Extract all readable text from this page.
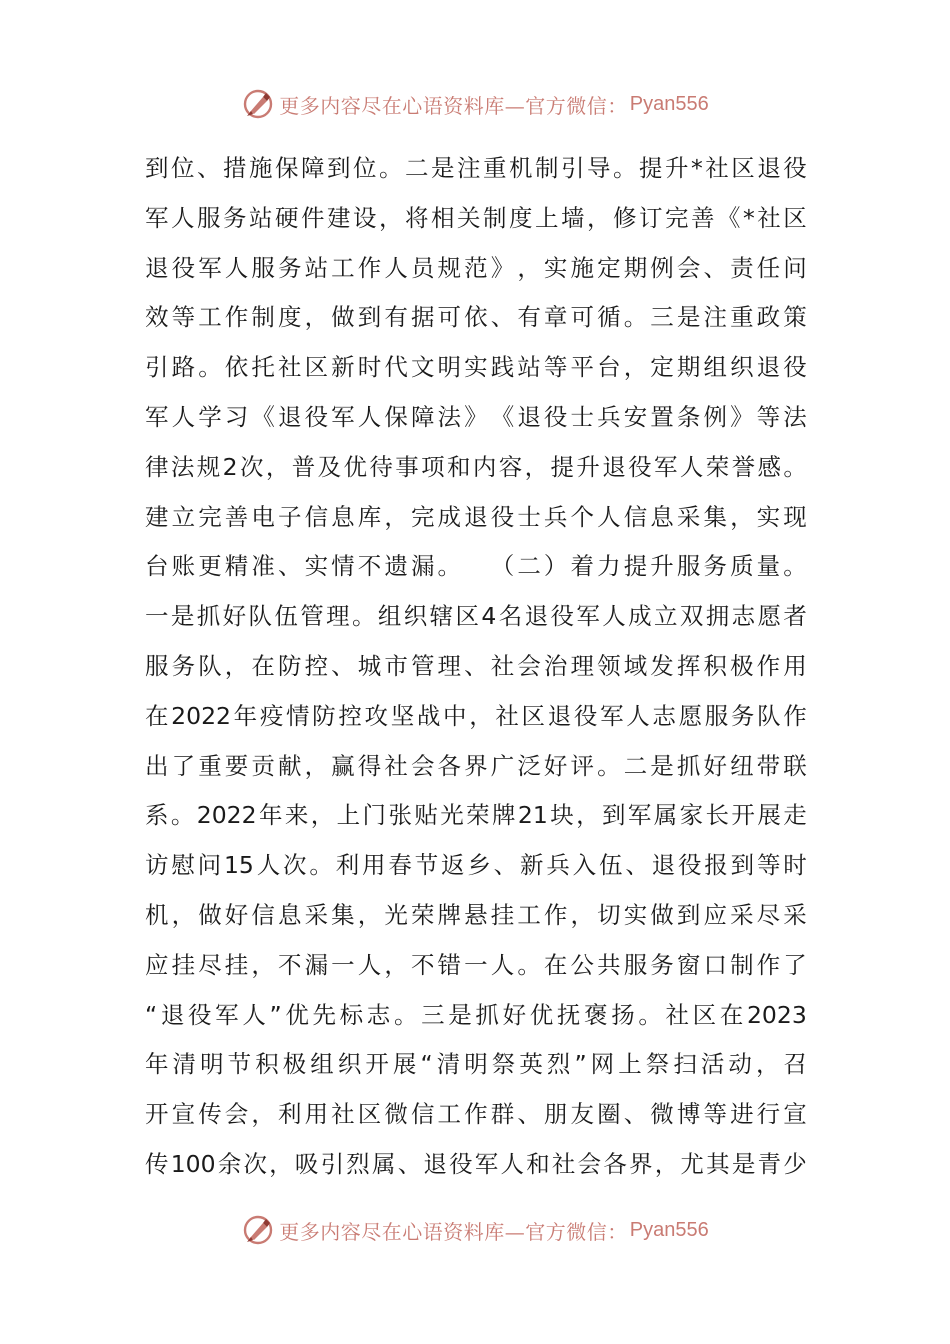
更多内容尽在心语资料库—官方微信： Pyan556
到 位 、 措 施 保 障 到 位 。 二 是 注 重 机 制 引 导 。 提 升 * 社 区 退 役
军 人 服 务 站 硬 件 建 设 ， 将 相 关 制 度 上 墙 ， 修 订 完 善 《 * 社 区
退 役 军 人 服 务 站 工 作 人 员 规 范 》 ， 实 施 定 期 例 会 、 责 任 问
效 等 工 作 制 度 ， 做 到 有 据 可 依 、 有 章 可 循 。 三 是 注 重 政 策
引 路 。 依 托 社 区 新 时 代 文 明 实 践 站 等 平 台 ， 定 期 组 织 退 役
军 人 学 习 《 退 役 军 人 保 障 法 》 《 退 役 士 兵 安 置 条 例 》 等 法
律 法 规 2 次 ， 普 及 优 待 事 项 和 内 容 ， 提 升 退 役 军 人 荣 誉 感 。
建 立 完 善 电 子 信 息 库 ， 完 成 退 役 士 兵 个 人 信 息 采 集 ， 实 现
台 账 更 精 准 、 实 情 不 遗 漏 。
　 （ 二 ） 着 力 提 升 服 务 质 量 。
一 是 抓 好 队 伍 管 理 。 组 织 辖 区 4 名 退 役 军 人 成 立 双 拥 志 愿 者
服 务 队 ， 在 防 控 、 城 市 管 理 、 社 会 治 理 领 域 发 挥 积 极 作 用
在 2022 年 疫 情 防 控 攻 坚 战 中 ， 社 区 退 役 军 人 志 愿 服 务 队 作
出 了 重 要 贡 献 ， 赢 得 社 会 各 界 广 泛 好 评 。 二 是 抓 好 纽 带 联
系 。 2022 年 来 ， 上 门 张 贴 光 荣 牌 21 块 ， 到 军 属 家 长 开 展 走
访 慰 问 15 人 次 。 利 用 春 节 返 乡 、 新 兵 入 伍 、 退 役 报 到 等 时
机 ， 做 好 信 息 采 集 ， 光 荣 牌 悬 挂 工 作 ， 切 实 做 到 应 采 尽 采
应 挂 尽 挂 ， 不 漏 一 人 ， 不 错 一 人 。 在 公 共 服 务 窗 口 制 作 了
“ 退 役 军 人 ” 优 先 标 志 。 三 是 抓 好 优 抚 褒 扬 。 社 区 在 2023
年 清 明 节 积 极 组 织 开 展 “ 清 明 祭 英 烈 ” 网 上 祭 扫 活 动 ， 召
开 宣 传 会 ， 利 用 社 区 微 信 工 作 群 、 朋 友 圈 、 微 博 等 进 行 宣
传 100 余 次 ， 吸 引 烈 属 、 退 役 军 人 和 社 会 各 界 ， 尤 其 是 青 少
更多内容尽在心语资料库—官方微信： Pyan556
